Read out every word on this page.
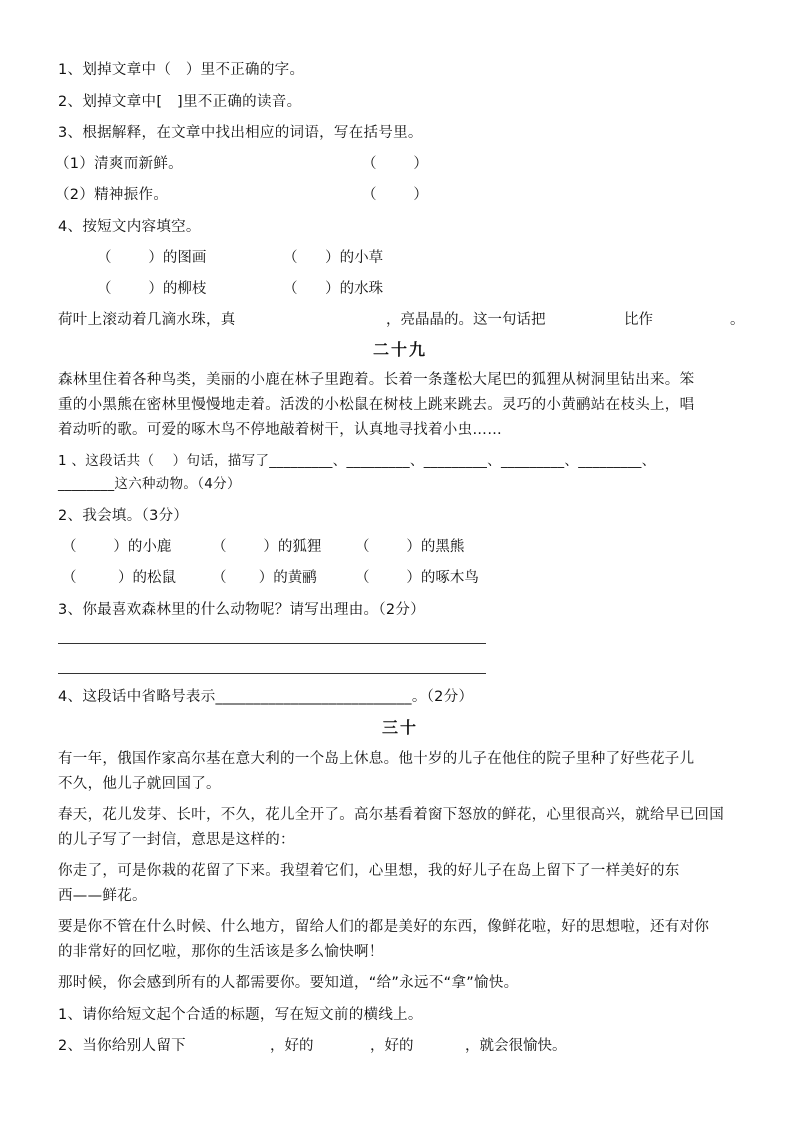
1、划掉文章中（   ）里不正确的字。
2、划掉文章中[   ]里不正确的读音。
3、根据解释，在文章中找出相应的词语，写在括号里。
（1）清爽而新鲜。	（        ）
（2）精神振作。	（        ）
4、按短文内容填空。
（        ）的图画	（      ）的小草
（        ）的柳枝	（      ）的水珠
荷叶上滚动着几滴水珠，真	，亮晶晶的。这一句话把	比作	。
二十九
森林里住着各种鸟类，美丽的小鹿在林子里跑着。长着一条蓬松大尾巴的狐狸从树洞里钻出来。笨
重的小黑熊在密林里慢慢地走着。活泼的小松鼠在树枝上跳来跳去。灵巧的小黄鹂站在枝头上，唱
着动听的歌。可爱的啄木鸟不停地敲着树干，认真地寻找着小虫……
1 、这段话共（    ）句话，描写了_________、_________、_________、_________、_________、
________这六种动物。（4分）
2、我会填。（3分）
（        ）的小鹿	（        ）的狐狸 （        ）的黑熊
（         ）的松鼠 （       ）的黄鹂	（        ）的啄木鸟
3、你最喜欢森林里的什么动物呢？请写出理由。（2分）
4、这段话中省略号表示__________________________。（2分）
三十
有一年，俄国作家高尔基在意大利的一个岛上休息。他十岁的儿子在他住的院子里种了好些花子儿
不久，他儿子就回国了。
春天，花儿发芽、长叶，不久，花儿全开了。高尔基看着窗下怒放的鲜花，心里很高兴，就给早已回国
的儿子写了一封信，意思是这样的：
你走了，可是你栽的花留了下来。我望着它们，心里想，我的好儿子在岛上留下了一样美好的东
西——鲜花。
要是你不管在什么时候、什么地方，留给人们的都是美好的东西，像鲜花啦，好的思想啦，还有对你
的非常好的回忆啦，那你的生活该是多么愉快啊！
那时候，你会感到所有的人都需要你。要知道，“给”永远不“拿”愉快。
1、请你给短文起个合适的标题，写在短文前的横线上。
2、当你给别人留下	，好的	，好的	，就会很愉快。
